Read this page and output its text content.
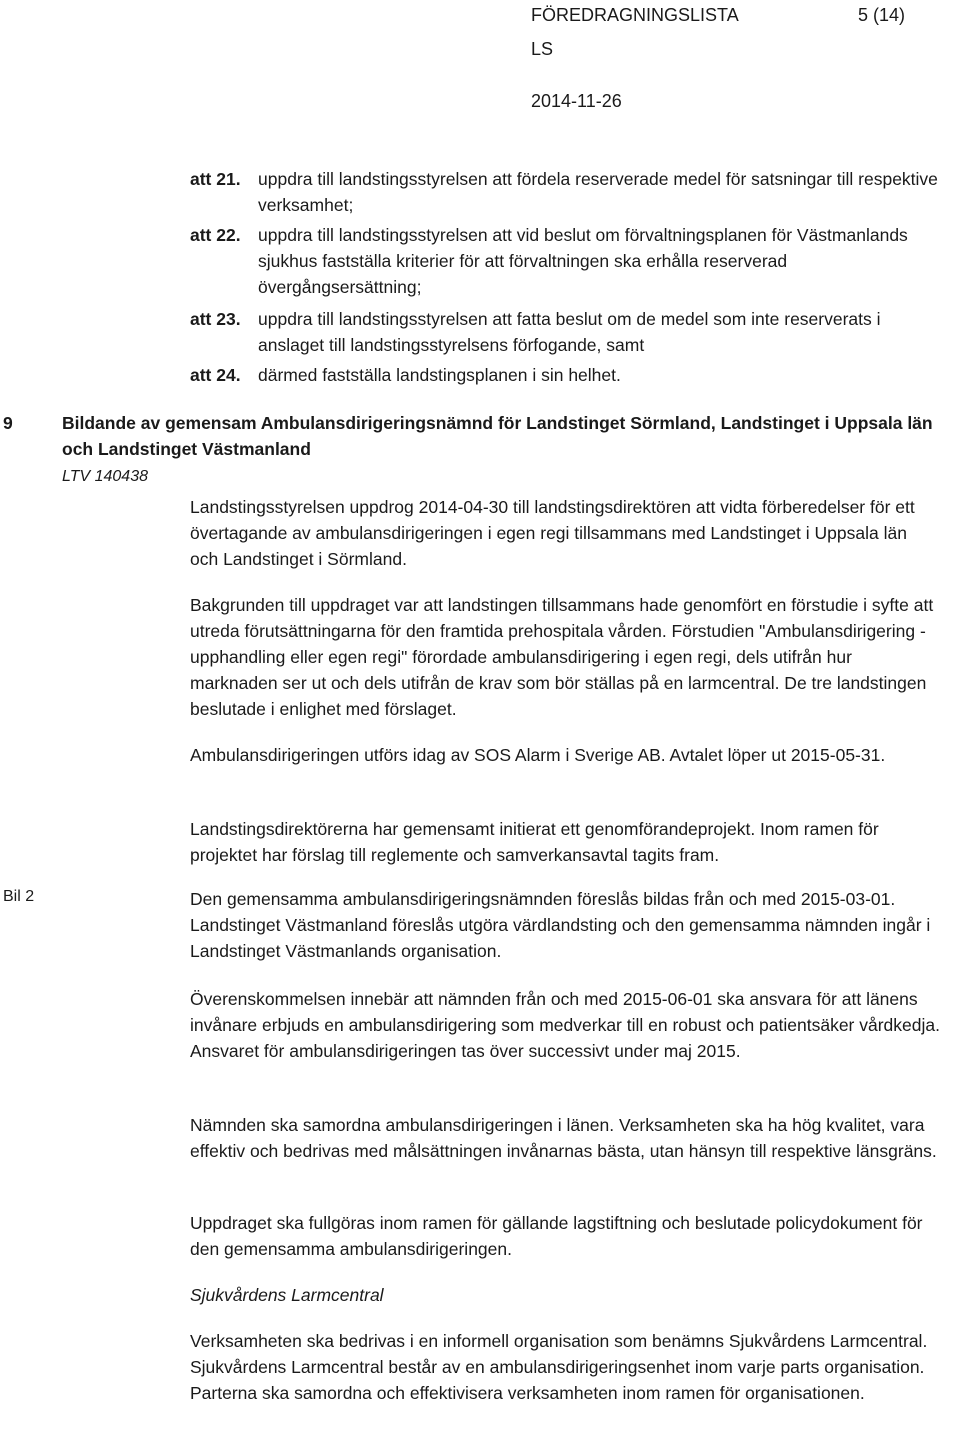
FÖREDRAGNINGSLISTA	5 (14)
LS
2014-11-26
att 21. uppdra till landstingsstyrelsen att fördela reserverade medel för satsningar till respektive verksamhet;
att 22. uppdra till landstingsstyrelsen att vid beslut om förvaltningsplanen för Västmanlands sjukhus fastställa kriterier för att förvaltningen ska erhålla reserverad övergångsersättning;
att 23. uppdra till landstingsstyrelsen att fatta beslut om de medel som inte reserverats i anslaget till landstingsstyrelsens förfogande, samt
att 24. därmed fastställa landstingsplanen i sin helhet.
9	Bildande av gemensam Ambulansdirigeringsnämnd för Landstinget Sörmland, Landstinget i Uppsala län och Landstinget Västmanland
LTV 140438
Bil 2

Landstingsstyrelsen uppdrog 2014-04-30 till landstingsdirektören att vidta förberedelser för ett övertagande av ambulansdirigeringen i egen regi tillsammans med Landstinget i Uppsala län och Landstinget i Sörmland.

Bakgrunden till uppdraget var att landstingen tillsammans hade genomfört en förstudie i syfte att utreda förutsättningarna för den framtida prehospitala vården. Förstudien "Ambulansdirigering - upphandling eller egen regi" förordade ambulansdirigering i egen regi, dels utifrån hur marknaden ser ut och dels utifrån de krav som bör ställas på en larmcentral. De tre landstingen beslutade i enlighet med förslaget.

Ambulansdirigeringen utförs idag av SOS Alarm i Sverige AB. Avtalet löper ut 2015-05-31.

Landstingsdirektörerna har gemensamt initierat ett genomförandeprojekt. Inom ramen för projektet har förslag till reglemente och samverkansavtal tagits fram.

Den gemensamma ambulansdirigeringsnämnden föreslås bildas från och med 2015-03-01. Landstinget Västmanland föreslås utgöra värdlandsting och den gemensamma nämnden ingår i Landstinget Västmanlands organisation.

Överenskommelsen innebär att nämnden från och med 2015-06-01 ska ansvara för att länens invånare erbjuds en ambulansdirigering som medverkar till en robust och patientsäker vårdkedja. Ansvaret för ambulansdirigeringen tas över successivt under maj 2015.

Nämnden ska samordna ambulansdirigeringen i länen. Verksamheten ska ha hög kvalitet, vara effektiv och bedrivas med målsättningen invånarnas bästa, utan hänsyn till respektive länsgräns.

Uppdraget ska fullgöras inom ramen för gällande lagstiftning och beslutade policydokument för den gemensamma ambulansdirigeringen.

Sjukvårdens Larmcentral

Verksamheten ska bedrivas i en informell organisation som benämns Sjukvårdens Larmcentral. Sjukvårdens Larmcentral består av en ambulansdirigeringsenhet inom varje parts organisation. Parterna ska samordna och effektivisera verksamheten inom ramen för organisationen.
